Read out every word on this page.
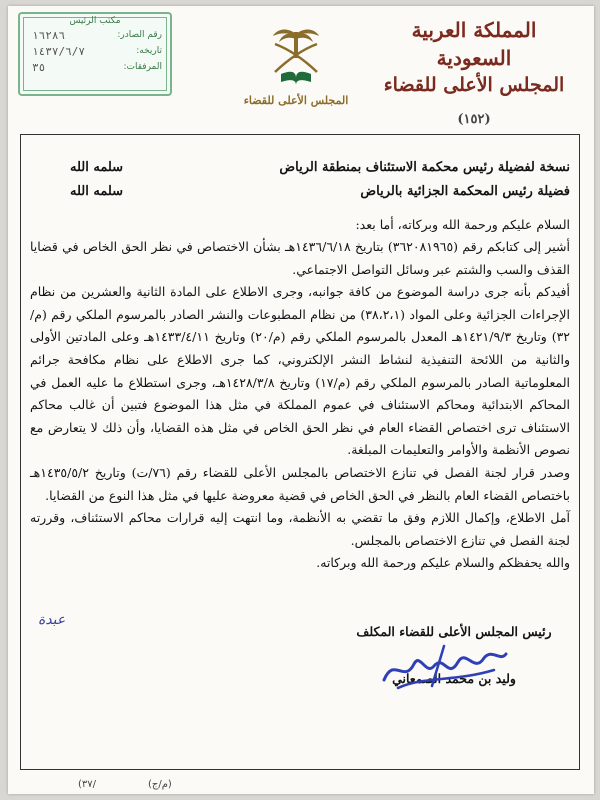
المملكة العربية السعودية
المجلس الأعلى للقضاء
(١٥٢)
المجلس الأعلى للقضاء
مكتب الرئيس
رقم الصادر:
١٦٢٨٦
تاريخه:
١٤٣٧/٦/٧
المرفقات:
٣٥
نسخة لفضيلة رئيس محكمة الاستئناف بمنطقة الرياض
سلمه الله
فضيلة رئيس المحكمة الجزائية بالرياض
سلمه الله
السلام عليكم ورحمة الله وبركاته، أما بعد:

أشير إلى كتابكم رقم (٣٦٢٠٨١٩٦٥) بتاريخ ١٤٣٦/٦/١٨هـ بشأن الاختصاص في نظر الحق الخاص في قضايا القذف والسب والشتم عبر وسائل التواصل الاجتماعي.

أفيدكم بأنه جرى دراسة الموضوع من كافة جوانبه، وجرى الاطلاع على المادة الثانية والعشرين من نظام الإجراءات الجزائية وعلى المواد (٣٨،٢،١) من نظام المطبوعات والنشر الصادر بالمرسوم الملكي رقم (م/ ٣٢) وتاريخ ١٤٢١/٩/٣هـ المعدل بالمرسوم الملكي رقم (م/٢٠) وتاريخ ١٤٣٣/٤/١١هـ وعلى المادتين الأولى والثانية من اللائحة التنفيذية لنشاط النشر الإلكتروني، كما جرى الاطلاع على نظام مكافحة جرائم المعلوماتية الصادر بالمرسوم الملكي رقم (م/١٧) وتاريخ ١٤٢٨/٣/٨هـ، وجرى استطلاع ما عليه العمل في المحاكم الابتدائية ومحاكم الاستئناف في عموم المملكة في مثل هذا الموضوع فتبين أن غالب محاكم الاستئناف ترى اختصاص القضاء العام في نظر الحق الخاص في مثل هذه القضايا، وأن ذلك لا يتعارض مع نصوص الأنظمة والأوامر والتعليمات المبلغة.

وصدر قرار لجنة الفصل في تنازع الاختصاص بالمجلس الأعلى للقضاء رقم (٧٦/ت) وتاريخ ١٤٣٥/٥/٢هـ باختصاص القضاء العام بالنظر في الحق الخاص في قضية معروضة عليها في مثل هذا النوع من القضايا.

آمل الاطلاع، وإكمال اللازم وفق ما تقضي به الأنظمة، وما انتهت إليه قرارات محاكم الاستئناف، وقررته لجنة الفصل في تنازع الاختصاص بالمجلس.

والله يحفظكم والسلام عليكم ورحمة الله وبركاته.

عبدة
رئيس المجلس الأعلى للقضاء المكلف
وليد بن محمد الصمعاني
(٣٧/	(م/ج)
